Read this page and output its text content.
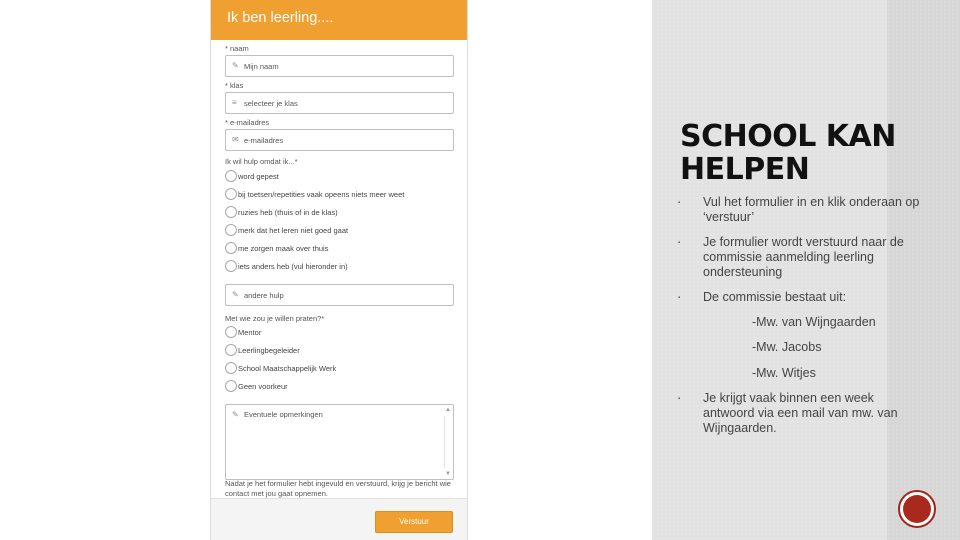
Ik ben leerling....
* naam
✎ Mijn naam
* klas
≡ selecteer je klas
* e-mailadres
✉ e-mailadres
Ik wil hulp omdat ik...*
word gepest
bij toetsen/repetities vaak opeens niets meer weet
ruzies heb (thuis of in de klas)
merk dat het leren niet goed gaat
me zorgen maak over thuis
iets anders heb (vul hieronder in)
✎ andere hulp
Met wie zou je willen praten?*
Mentor
Leerlingbegeleider
School Maatschappelijk Werk
Geen voorkeur
✎ Eventuele opmerkingen	▲
▼
Nadat je het formulier hebt ingevuld en verstuurd, krijg je bericht wie contact met jou gaat opnemen.
Verstuur
SCHOOL KAN HELPEN
▪ Vul het formulier in en klik onderaan op ‘verstuur’
▪ Je formulier wordt verstuurd naar de commissie aanmelding leerling ondersteuning
▪ De commissie bestaat uit:
-Mw. van Wijngaarden
-Mw. Jacobs
-Mw. Witjes
▪ Je krijgt vaak binnen een week antwoord via een mail van mw. van Wijngaarden.
